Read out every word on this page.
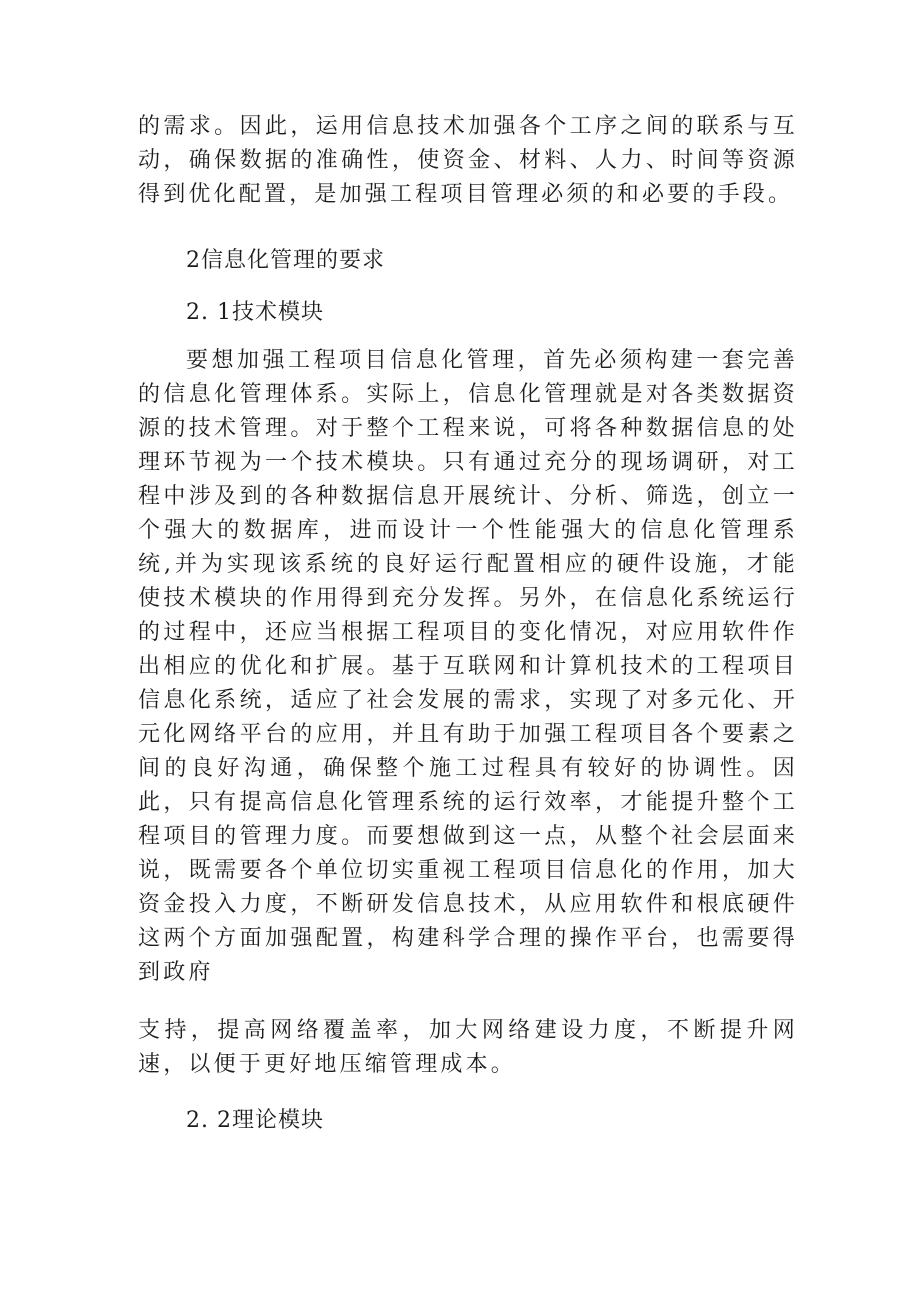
的需求。因此，运用信息技术加强各个工序之间的联系与互动，确保数据的准确性，使资金、材料、人力、时间等资源得到优化配置，是加强工程项目管理必须的和必要的手段。

2信息化管理的要求

2. 1技术模块

要想加强工程项目信息化管理，首先必须构建一套完善的信息化管理体系。实际上，信息化管理就是对各类数据资源的技术管理。对于整个工程来说，可将各种数据信息的处理环节视为一个技术模块。只有通过充分的现场调研，对工程中涉及到的各种数据信息开展统计、分析、筛选，创立一个强大的数据库，进而设计一个性能强大的信息化管理系统,并为实现该系统的良好运行配置相应的硬件设施，才能使技术模块的作用得到充分发挥。另外，在信息化系统运行的过程中，还应当根据工程项目的变化情况，对应用软件作出相应的优化和扩展。基于互联网和计算机技术的工程项目信息化系统，适应了社会发展的需求，实现了对多元化、开元化网络平台的应用，并且有助于加强工程项目各个要素之间的良好沟通，确保整个施工过程具有较好的协调性。因此，只有提高信息化管理系统的运行效率，才能提升整个工程项目的管理力度。而要想做到这一点，从整个社会层面来说，既需要各个单位切实重视工程项目信息化的作用，加大资金投入力度，不断研发信息技术，从应用软件和根底硬件这两个方面加强配置，构建科学合理的操作平台，也需要得到政府

支持，提高网络覆盖率，加大网络建设力度，不断提升网速，以便于更好地压缩管理成本。

2. 2理论模块
